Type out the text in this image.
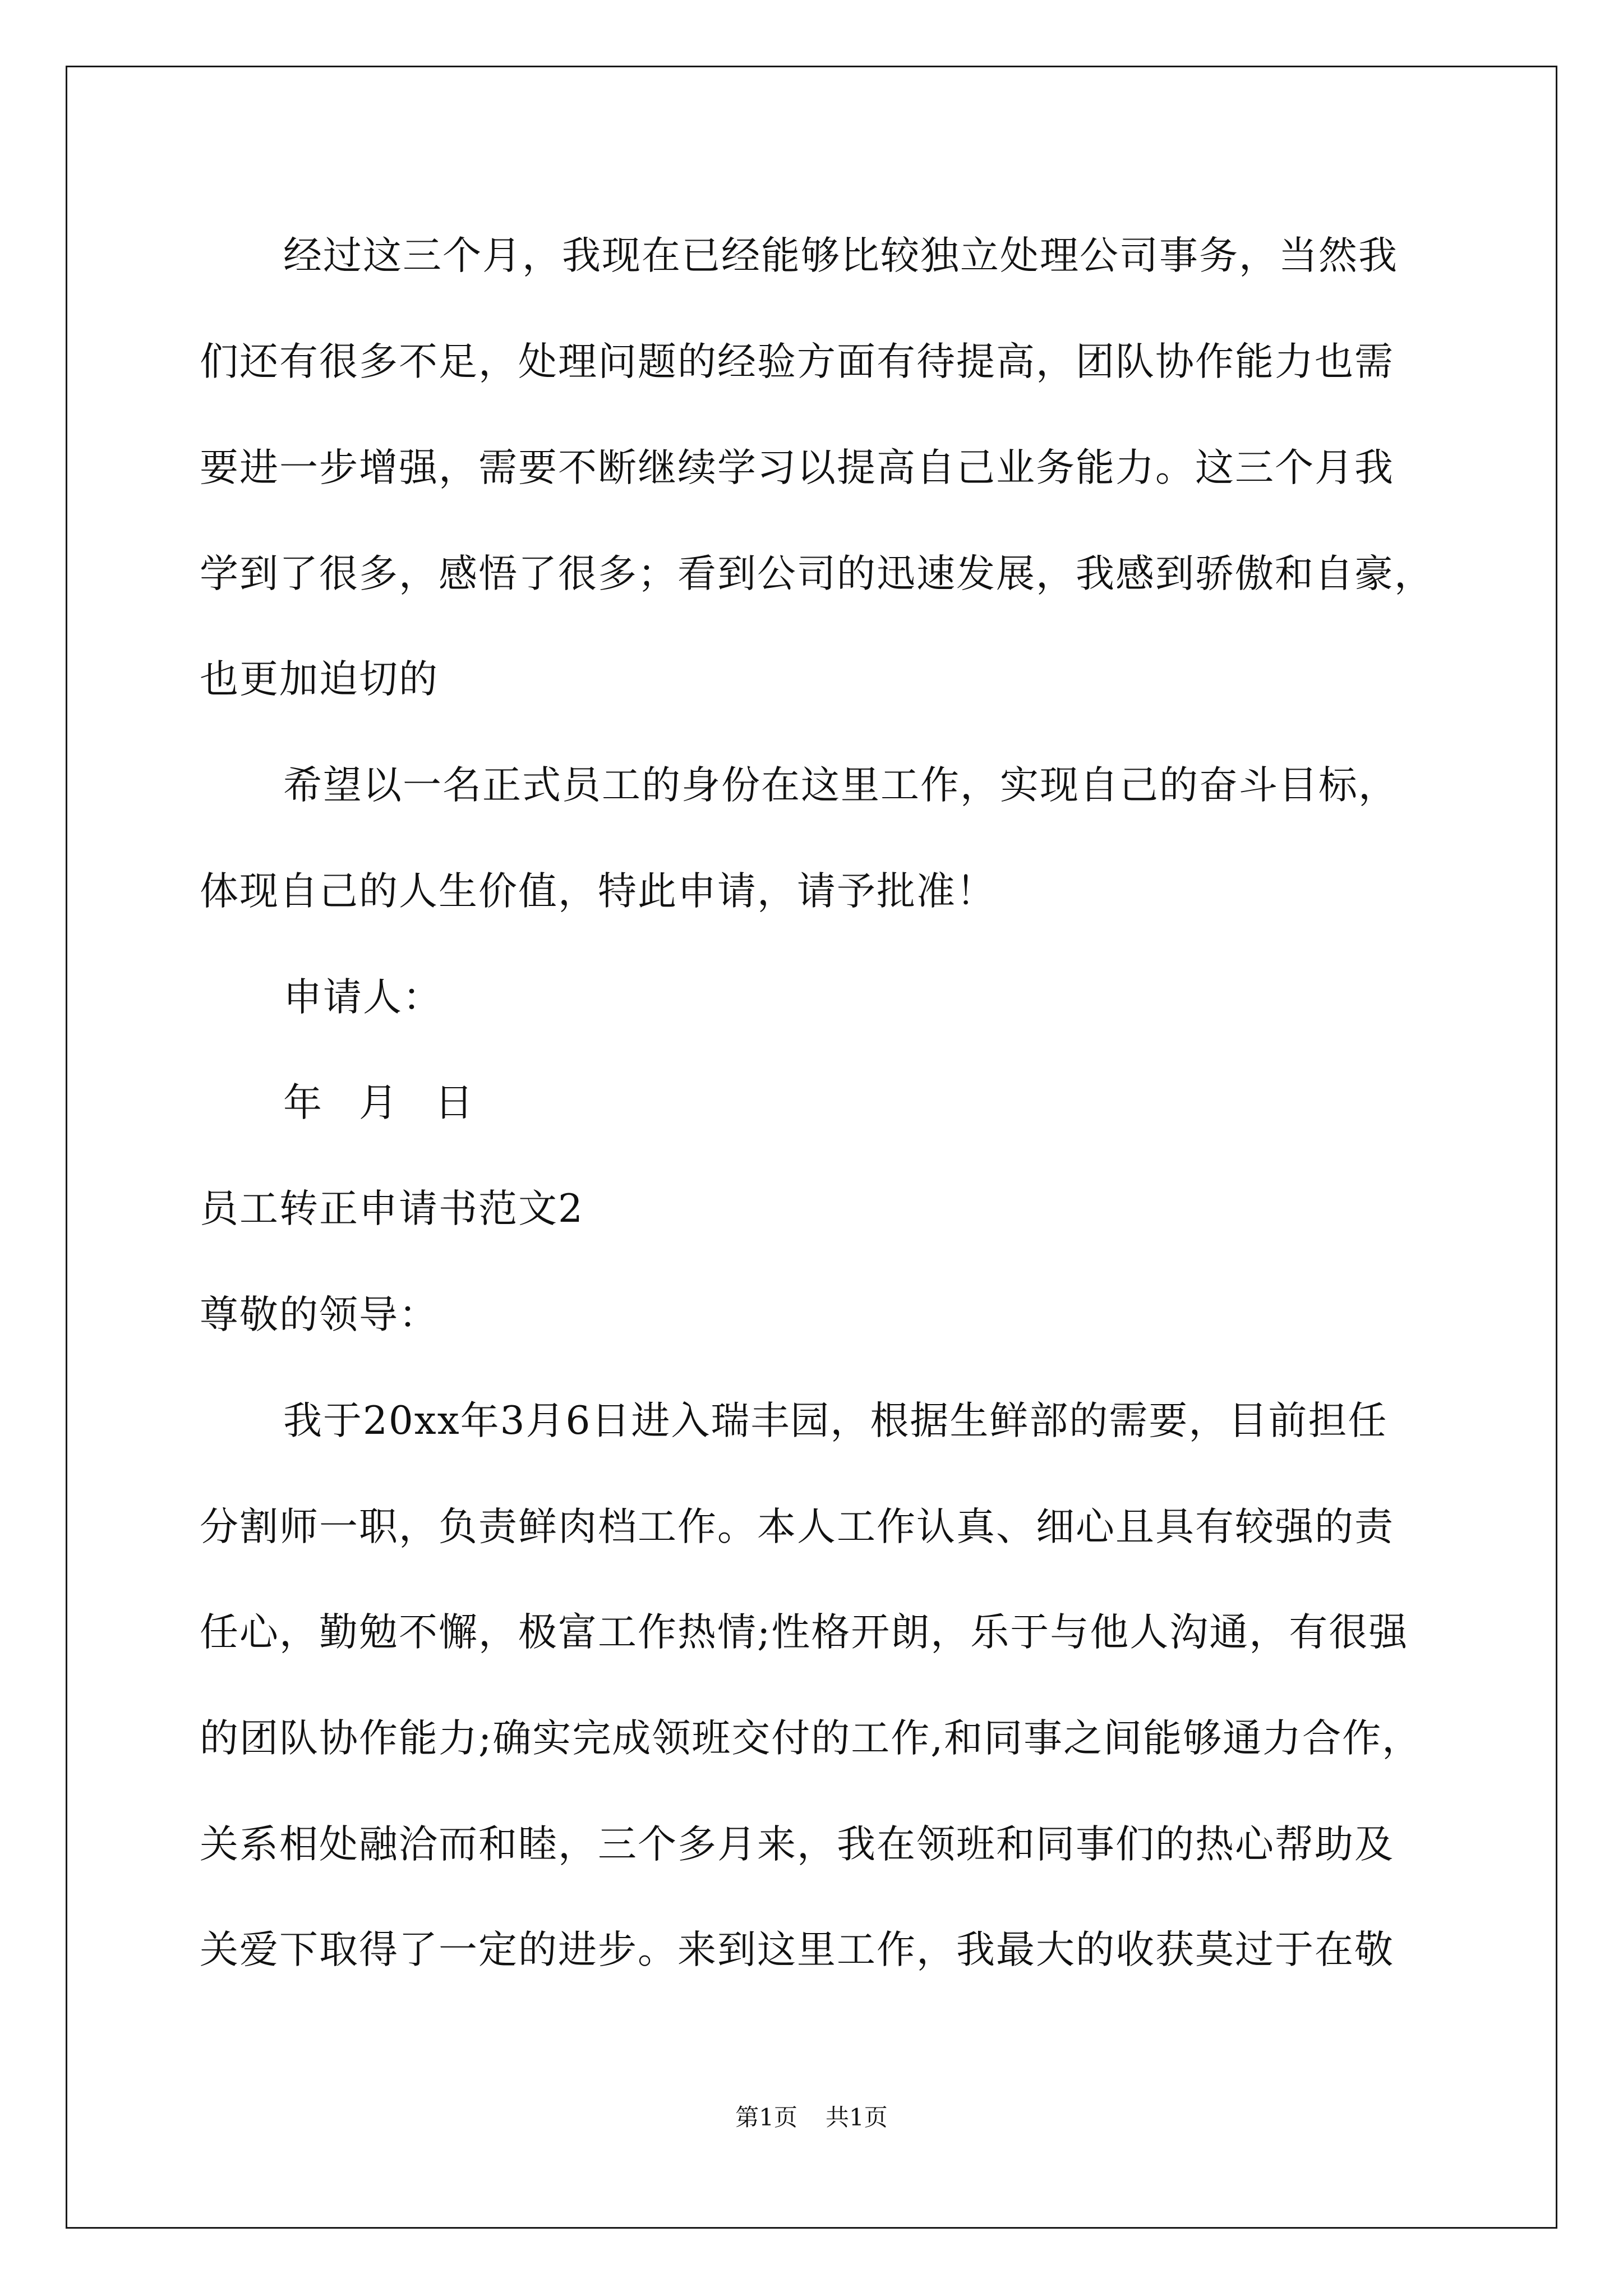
经过这三个月，我现在已经能够比较独立处理公司事务，当然我
们还有很多不足，处理问题的经验方面有待提高，团队协作能力也需
要进一步增强，需要不断继续学习以提高自己业务能力。这三个月我
学到了很多，感悟了很多；看到公司的迅速发展，我感到骄傲和自豪，
也更加迫切的
希望以一名正式员工的身份在这里工作，实现自己的奋斗目标，
体现自己的人生价值，特此申请，请予批准！
申请人：
年 月 日
员工转正申请书范文2
尊敬的领导：
我于20xx年3月6日进入瑞丰园，根据生鲜部的需要，目前担任
分割师一职，负责鲜肉档工作。本人工作认真、细心且具有较强的责
任心，勤勉不懈，极富工作热情;性格开朗，乐于与他人沟通，有很强
的团队协作能力;确实完成领班交付的工作,和同事之间能够通力合作，
关系相处融洽而和睦，三个多月来，我在领班和同事们的热心帮助及
关爱下取得了一定的进步。来到这里工作，我最大的收获莫过于在敬
第1页 共1页
